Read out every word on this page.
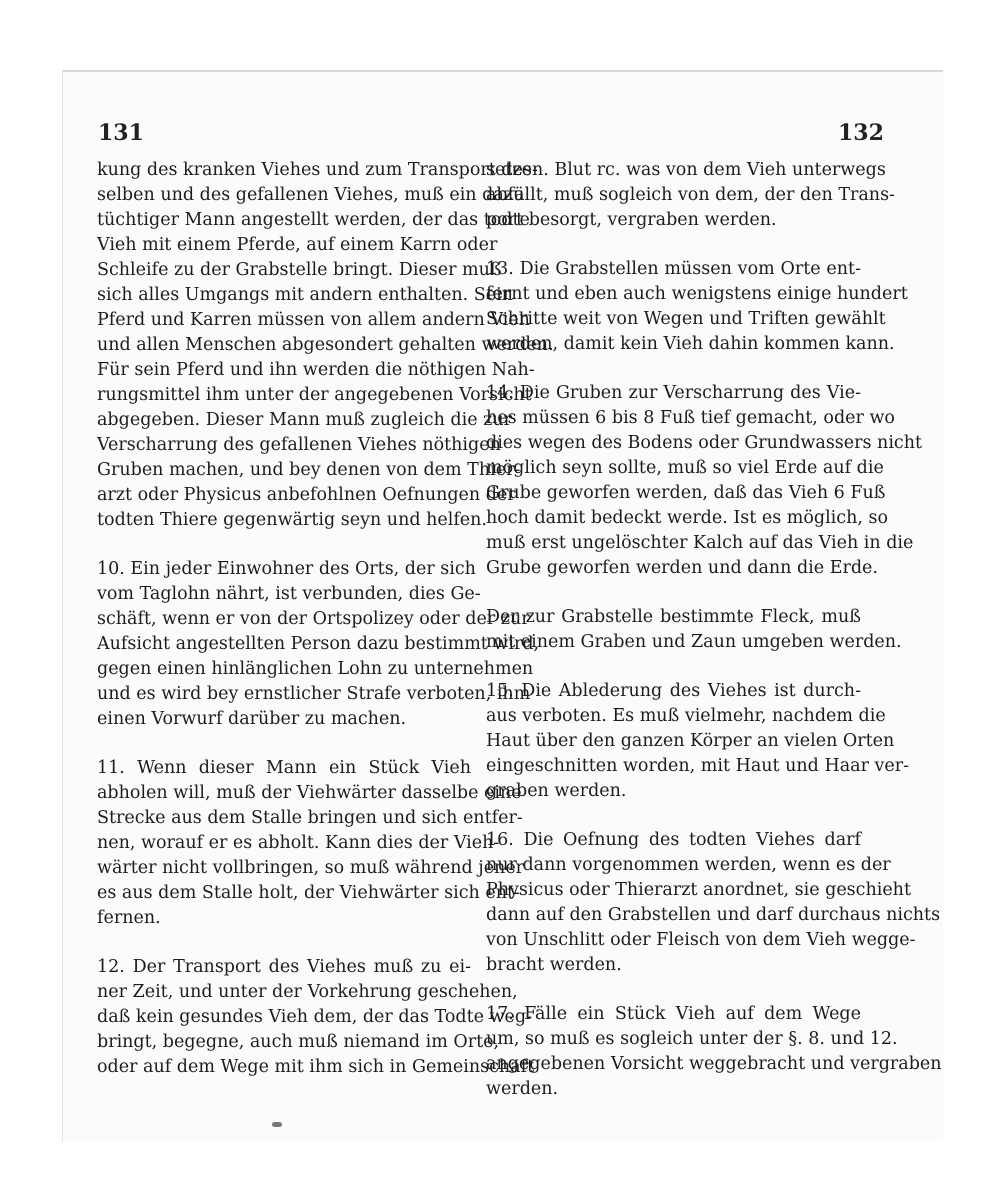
131	132
kung des kranken Viehes und zum Transport des-
selben und des gefallenen Viehes, muß ein dazu
tüchtiger Mann angestellt werden, der das todte
Vieh mit einem Pferde, auf einem Karrn oder
Schleife zu der Grabstelle bringt. Dieser muß
sich alles Umgangs mit andern enthalten. Sein
Pferd und Karren müssen von allem andern Vieh
und allen Menschen abgesondert gehalten werden.
Für sein Pferd und ihn werden die nöthigen Nah-
rungsmittel ihm unter der angegebenen Vorsicht
abgegeben. Dieser Mann muß zugleich die zur
Verscharrung des gefallenen Viehes nöthigen
Gruben machen, und bey denen von dem Thier-
arzt oder Physicus anbefohlnen Oefnungen der
todten Thiere gegenwärtig seyn und helfen.
10. Ein jeder Einwohner des Orts, der sich
vom Taglohn nährt, ist verbunden, dies Ge-
schäft, wenn er von der Ortspolizey oder der zur
Aufsicht angestellten Person dazu bestimmt wird,
gegen einen hinlänglichen Lohn zu unternehmen
und es wird bey ernstlicher Strafe verboten, ihm
einen Vorwurf darüber zu machen.
11. Wenn dieser Mann ein Stück Vieh
abholen will, muß der Viehwärter dasselbe eine
Strecke aus dem Stalle bringen und sich entfer-
nen, worauf er es abholt. Kann dies der Vieh-
wärter nicht vollbringen, so muß während jener
es aus dem Stalle holt, der Viehwärter sich ent-
fernen.
12. Der Transport des Viehes muß zu ei-
ner Zeit, und unter der Vorkehrung geschehen,
daß kein gesundes Vieh dem, der das Todte weg-
bringt, begegne, auch muß niemand im Orte,
oder auf dem Wege mit ihm sich in Gemeinschaft
setzen. Blut rc. was von dem Vieh unterwegs
abfällt, muß sogleich von dem, der den Trans-
port besorgt, vergraben werden.
13. Die Grabstellen müssen vom Orte ent-
fernt und eben auch wenigstens einige hundert
Schritte weit von Wegen und Triften gewählt
werden, damit kein Vieh dahin kommen kann.
14. Die Gruben zur Verscharrung des Vie-
hes müssen 6 bis 8 Fuß tief gemacht, oder wo
dies wegen des Bodens oder Grundwassers nicht
möglich seyn sollte, muß so viel Erde auf die
Grube geworfen werden, daß das Vieh 6 Fuß
hoch damit bedeckt werde. Ist es möglich, so
muß erst ungelöschter Kalch auf das Vieh in die
Grube geworfen werden und dann die Erde.
Der zur Grabstelle bestimmte Fleck, muß
mit einem Graben und Zaun umgeben werden.
15. Die Ablederung des Viehes ist durch-
aus verboten. Es muß vielmehr, nachdem die
Haut über den ganzen Körper an vielen Orten
eingeschnitten worden, mit Haut und Haar ver-
graben werden.
16. Die Oefnung des todten Viehes darf
nur dann vorgenommen werden, wenn es der
Physicus oder Thierarzt anordnet, sie geschieht
dann auf den Grabstellen und darf durchaus nichts
von Unschlitt oder Fleisch von dem Vieh wegge-
bracht werden.
17. Fälle ein Stück Vieh auf dem Wege
um, so muß es sogleich unter der §. 8. und 12.
angegebenen Vorsicht weggebracht und vergraben
werden.
